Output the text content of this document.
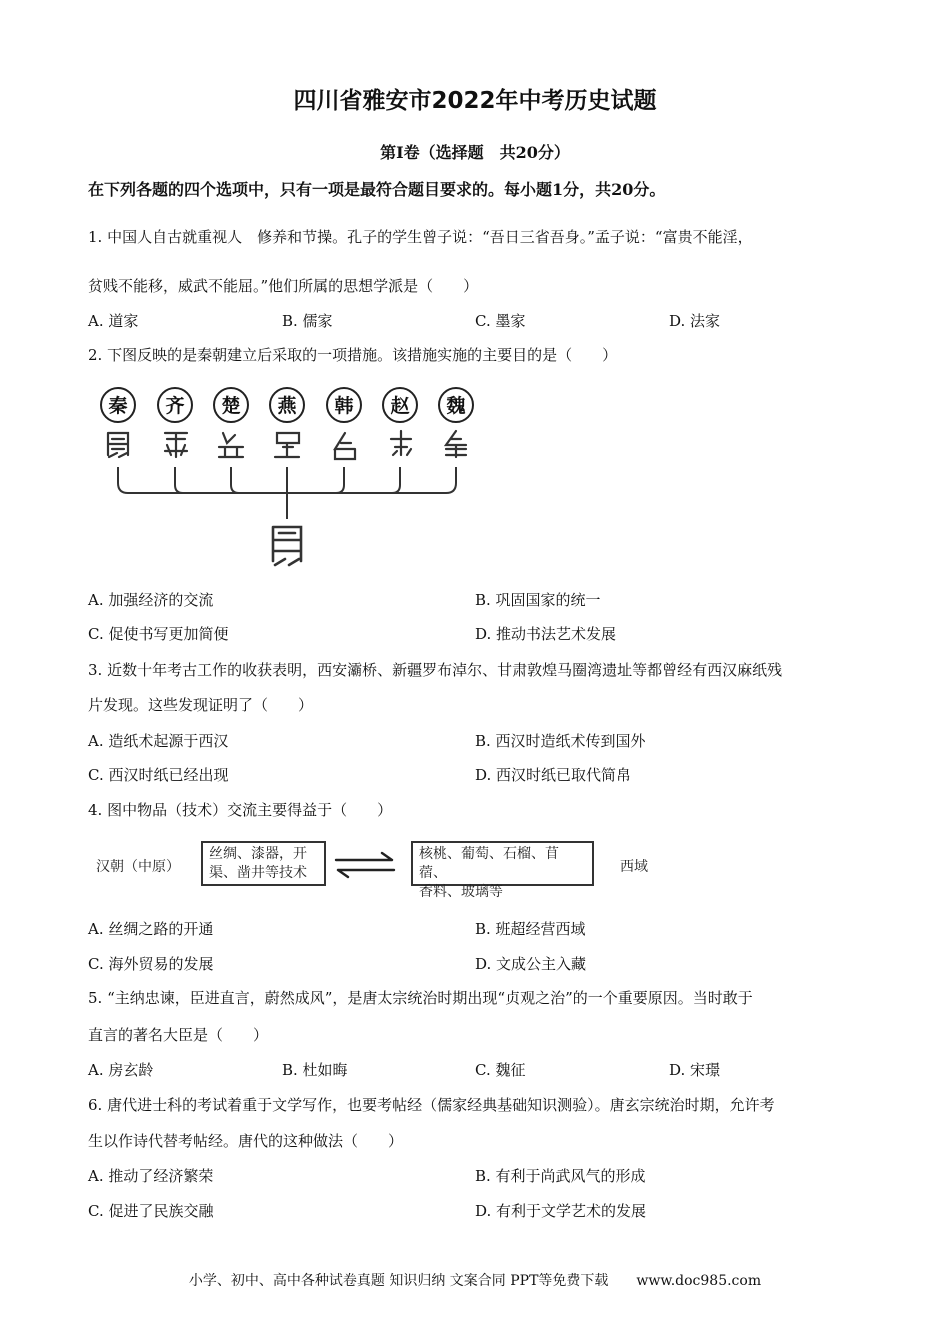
四川省雅安市2022年中考历史试题
第I卷（选择题　共20分）
在下列各题的四个选项中，只有一项是最符合题目要求的。每小题1分，共20分。
1. 中国人自古就重视人　修养和节操。孔子的学生曾子说：“吾日三省吾身。”孟子说：“富贵不能淫，
贫贱不能移，威武不能屈。”他们所属的思想学派是（　　）
A. 道家	B. 儒家	C. 墨家	D. 法家
2. 下图反映的是秦朝建立后采取的一项措施。该措施实施的主要目的是（　　）
秦 齐 楚 燕 韩 赵 魏
A. 加强经济的交流	B. 巩固国家的统一
C. 促使书写更加简便	D. 推动书法艺术发展
3. 近数十年考古工作的收获表明，西安灞桥、新疆罗布淖尔、甘肃敦煌马圈湾遗址等都曾经有西汉麻纸残
片发现。这些发现证明了（　　）
A. 造纸术起源于西汉	B. 西汉时造纸术传到国外
C. 西汉时纸已经出现	D. 西汉时纸已取代简帛
4. 图中物品（技术）交流主要得益于（　　）
汉朝（中原）
丝绸、漆器，开
渠、凿井等技术
核桃、葡萄、石榴、苜蓿、
香料、玻璃等
西域
A. 丝绸之路的开通	B. 班超经营西域
C. 海外贸易的发展	D. 文成公主入藏
5. “主纳忠谏，臣进直言，蔚然成风”，是唐太宗统治时期出现“贞观之治”的一个重要原因。当时敢于
直言的著名大臣是（　　）
A. 房玄龄	B. 杜如晦	C. 魏征	D. 宋璟
6. 唐代进士科的考试着重于文学写作，也要考帖经（儒家经典基础知识测验）。唐玄宗统治时期，允许考
生以作诗代替考帖经。唐代的这种做法（　　）
A. 推动了经济繁荣	B. 有利于尚武风气的形成
C. 促进了民族交融	D. 有利于文学艺术的发展
小学、初中、高中各种试卷真题 知识归纳 文案合同 PPT等免费下载　　www.doc985.com
